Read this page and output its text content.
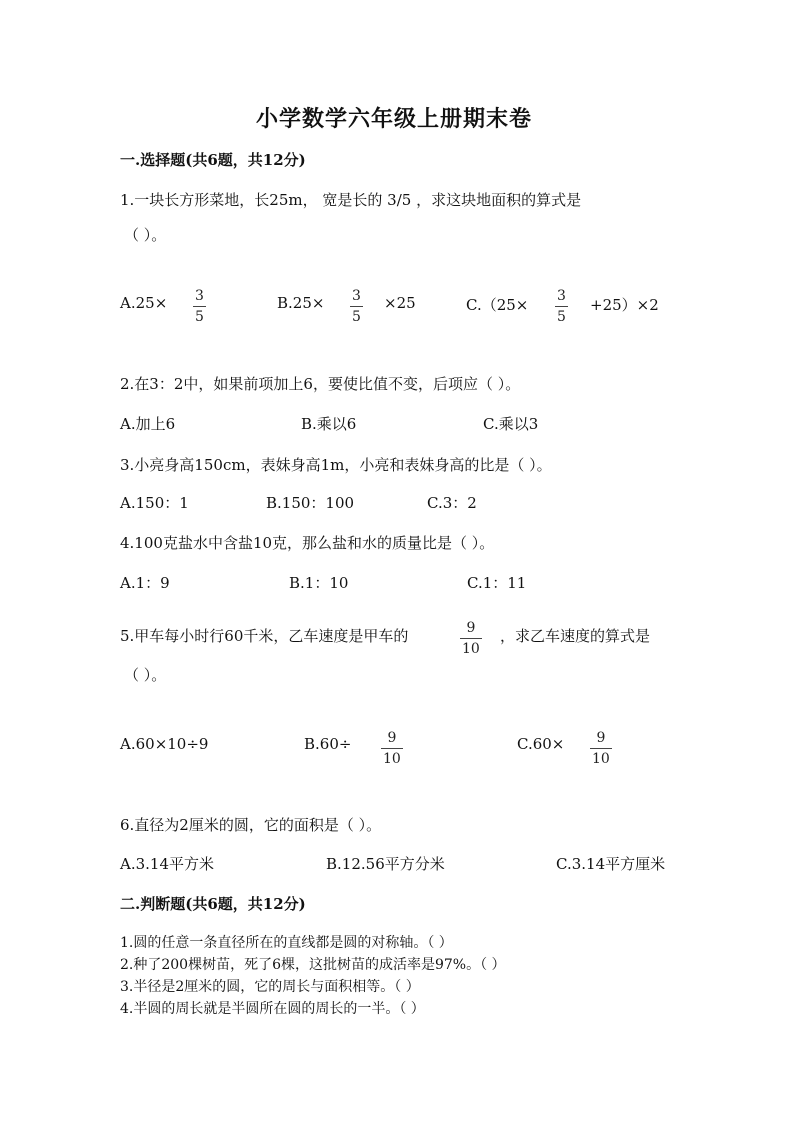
小学数学六年级上册期末卷
一.选择题(共6题，共12分)
1.一块长方形菜地，长25m， 宽是长的 3/5 ，求这块地面积的算式是
（ ）。
A.25× 3
5
B.25× 3
5
×25	C.（25× 3
5
+25）×2
2.在3：2中，如果前项加上6，要使比值不变，后项应（ ）。
A.加上6	B.乘以6	C.乘以3
3.小亮身高150cm，表妹身高1m，小亮和表妹身高的比是（ ）。
A.150：1	B.150：100	C.3：2
4.100克盐水中含盐10克，那么盐和水的质量比是（ ）。
A.1：9	B.1：10	C.1：11
5.甲车每小时行60千米，乙车速度是甲车的	9
10
，求乙车速度的算式是
（ ）。
A.60×10÷9	B.60÷	9
10
C.60× 9
10
6.直径为2厘米的圆，它的面积是（ ）。
A.3.14平方米	B.12.56平方分米	C.3.14平方厘米
二.判断题(共6题，共12分)
1.圆的任意一条直径所在的直线都是圆的对称轴。（ ）
2.种了200棵树苗，死了6棵，这批树苗的成活率是97%。（ ）
3.半径是2厘米的圆，它的周长与面积相等。（ ）
4.半圆的周长就是半圆所在圆的周长的一半。（ ）
